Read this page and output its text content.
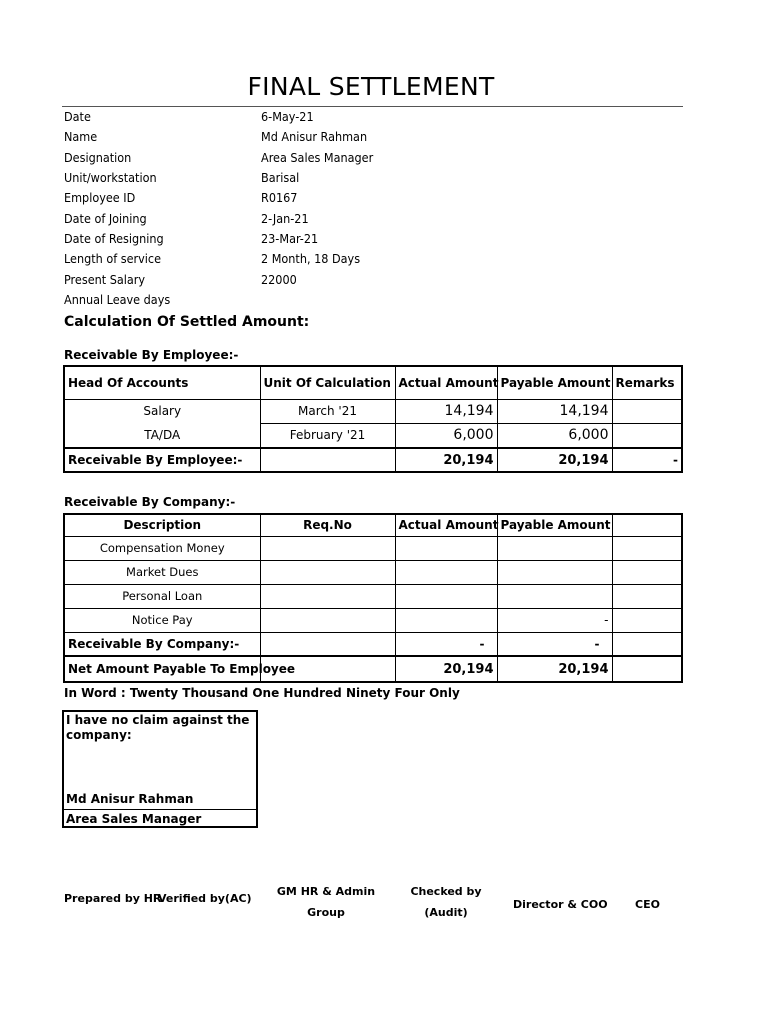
FINAL SETTLEMENT
Date	6-May-21
Name	Md Anisur Rahman
Designation	Area Sales Manager
Unit/workstation	Barisal
Employee ID	R0167
Date of Joining	2-Jan-21
Date of Resigning	23-Mar-21
Length of service	2 Month, 18 Days
Present Salary	22000
Annual Leave days
Calculation Of Settled Amount:
Receivable By Employee:-
Head Of Accounts	Unit Of Calculation	Actual Amount	Payable Amount	Remarks
Salary	March '21	14,194	14,194	
TA/DA	February '21	6,000	6,000	
Receivable By Employee:-		20,194	20,194	-
Receivable By Company:-
Description	Req.No	Actual Amount	Payable Amount	
Compensation Money				
Market Dues				
Personal Loan				
Notice Pay			-	
Receivable By Company:-		-	-	
Net Amount Payable To Employee		20,194	20,194	
In Word : Twenty Thousand One Hundred Ninety Four Only
I have no claim against the
company:
Md Anisur Rahman
Area Sales Manager
Prepared by HR
Verified by(AC)
GM HR & Admin
Group
Checked by
(Audit)
Director & COO CEO
